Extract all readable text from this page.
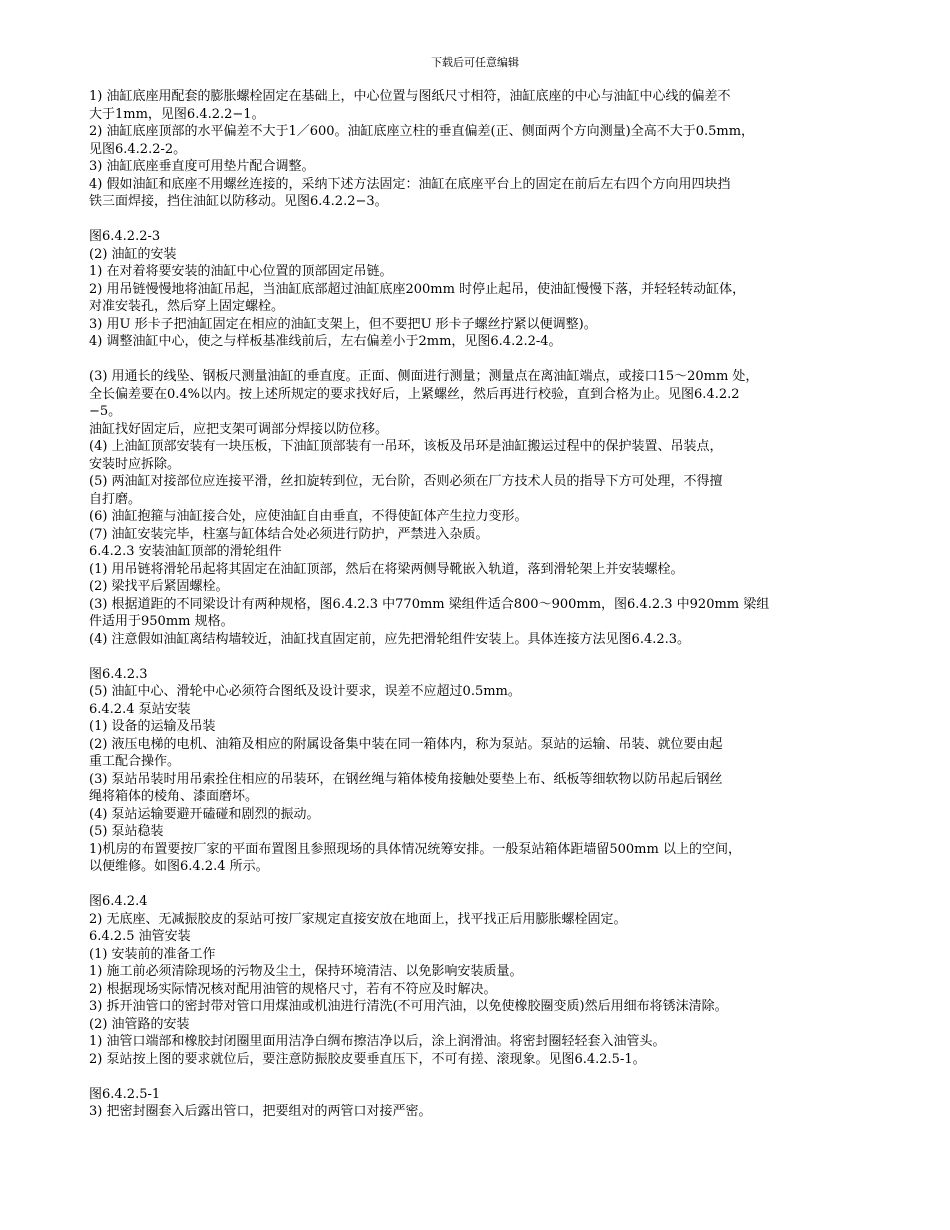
下载后可任意编辑
1) 油缸底座用配套的膨胀螺栓固定在基础上，中心位置与图纸尺寸相符，油缸底座的中心与油缸中心线的偏差不
大于1mm，见图6.4.2.2−1。
2) 油缸底座顶部的水平偏差不大于1／600。油缸底座立柱的垂直偏差(正、侧面两个方向测量)全高不大于0.5mm，
见图6.4.2.2-2。
3) 油缸底座垂直度可用垫片配合调整。
4) 假如油缸和底座不用螺丝连接的，采纳下述方法固定：油缸在底座平台上的固定在前后左右四个方向用四块挡
铁三面焊接，挡住油缸以防移动。见图6.4.2.2−3。
图6.4.2.2-3
(2) 油缸的安装
1) 在对着将要安装的油缸中心位置的顶部固定吊链。
2) 用吊链慢慢地将油缸吊起，当油缸底部超过油缸底座200mm 时停止起吊，使油缸慢慢下落，并轻轻转动缸体，
对准安装孔，然后穿上固定螺栓。
3) 用U 形卡子把油缸固定在相应的油缸支架上，但不要把U 形卡子螺丝拧紧以便调整)。
4) 调整油缸中心，使之与样板基准线前后，左右偏差小于2mm，见图6.4.2.2-4。
(3) 用通长的线坠、钢板尺测量油缸的垂直度。正面、侧面进行测量；测量点在离油缸端点，或接口15～20mm 处，
全长偏差要在0.4%以内。按上述所规定的要求找好后，上紧螺丝，然后再进行校验，直到合格为止。见图6.4.2.2
−5。
油缸找好固定后，应把支架可调部分焊接以防位移。
(4) 上油缸顶部安装有一块压板，下油缸顶部装有一吊环，该板及吊环是油缸搬运过程中的保护装置、吊装点，
安装时应拆除。
(5) 两油缸对接部位应连接平滑，丝扣旋转到位，无台阶，否则必须在厂方技术人员的指导下方可处理，不得擅
自打磨。
(6) 油缸抱箍与油缸接合处，应使油缸自由垂直，不得使缸体产生拉力变形。
(7) 油缸安装完毕，柱塞与缸体结合处必须进行防护，严禁进入杂质。
6.4.2.3 安装油缸顶部的滑轮组件
(1) 用吊链将滑轮吊起将其固定在油缸顶部，然后在将梁两侧导靴嵌入轨道，落到滑轮架上并安装螺栓。
(2) 梁找平后紧固螺栓。
(3) 根据道距的不同梁设计有两种规格，图6.4.2.3 中770mm 梁组件适合800～900mm，图6.4.2.3 中920mm 梁组
件适用于950mm 规格。
(4) 注意假如油缸离结构墙较近，油缸找直固定前，应先把滑轮组件安装上。具体连接方法见图6.4.2.3。
图6.4.2.3
(5) 油缸中心、滑轮中心必须符合图纸及设计要求，误差不应超过0.5mm。
6.4.2.4 泵站安装
(1) 设备的运输及吊装
(2) 液压电梯的电机、油箱及相应的附属设备集中装在同一箱体内，称为泵站。泵站的运输、吊装、就位要由起
重工配合操作。
(3) 泵站吊装时用吊索拴住相应的吊装环，在钢丝绳与箱体棱角接触处要垫上布、纸板等细软物以防吊起后钢丝
绳将箱体的棱角、漆面磨坏。
(4) 泵站运输要避开磕碰和剧烈的振动。
(5) 泵站稳装
1)机房的布置要按厂家的平面布置图且参照现场的具体情况统筹安排。一般泵站箱体距墙留500mm 以上的空间，
以便维修。如图6.4.2.4 所示。
图6.4.2.4
2) 无底座、无减振胶皮的泵站可按厂家规定直接安放在地面上，找平找正后用膨胀螺栓固定。
6.4.2.5 油管安装
(1) 安装前的准备工作
1) 施工前必须清除现场的污物及尘土，保持环境清洁、以免影响安装质量。
2) 根据现场实际情况核对配用油管的规格尺寸，若有不符应及时解决。
3) 拆开油管口的密封带对管口用煤油或机油进行清洗(不可用汽油，以免使橡胶圈变质)然后用细布将锈沫清除。
(2) 油管路的安装
1) 油管口端部和橡胶封闭圈里面用洁净白绸布擦洁净以后，涂上润滑油。将密封圈轻轻套入油管头。
2) 泵站按上图的要求就位后，要注意防振胶皮要垂直压下，不可有搓、滚现象。见图6.4.2.5-1。
图6.4.2.5-1
3) 把密封圈套入后露出管口，把要组对的两管口对接严密。
